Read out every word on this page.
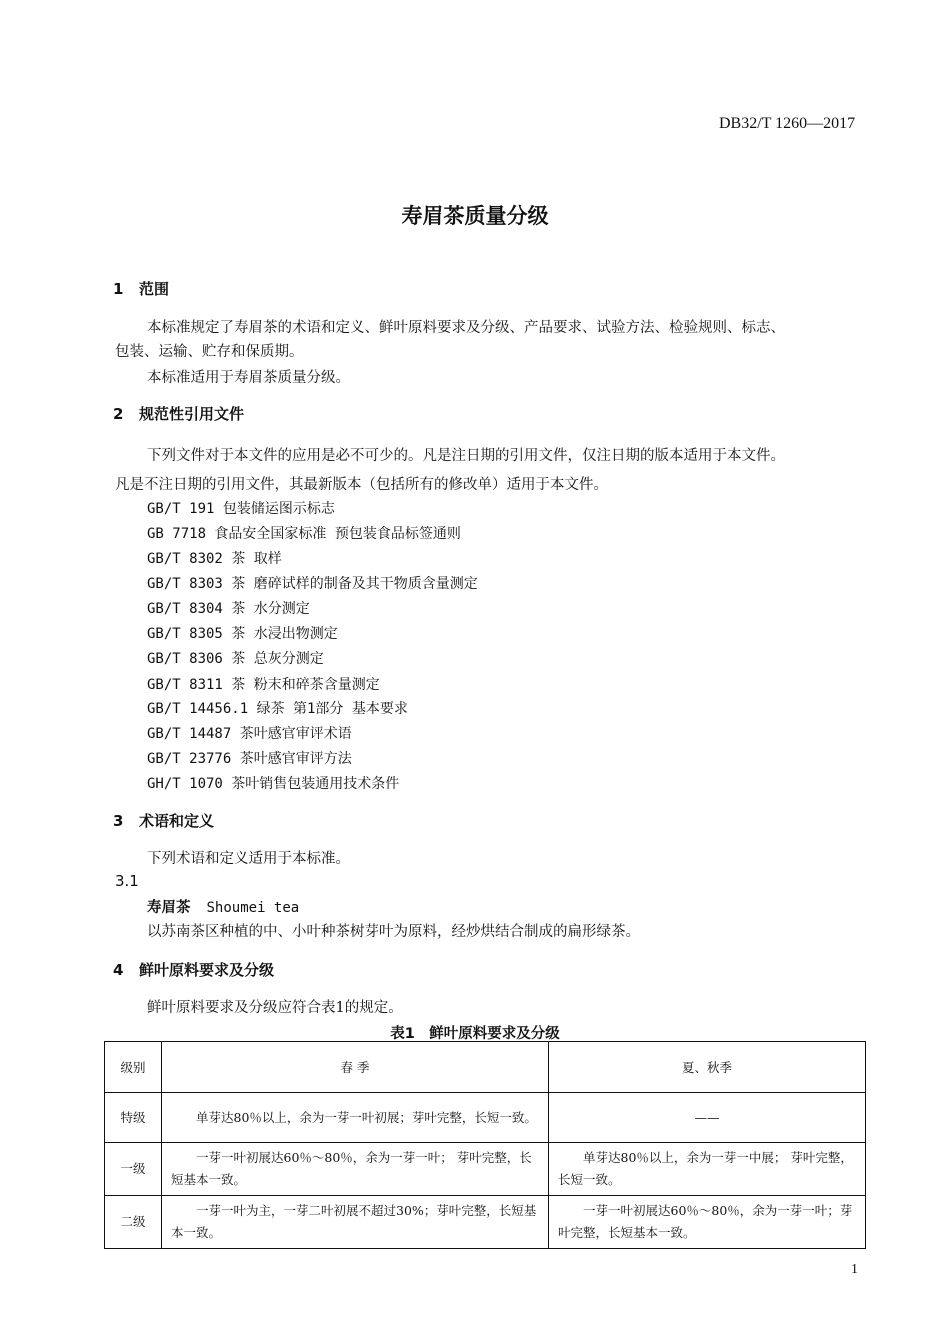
DB32/T 1260—2017
寿眉茶质量分级
1 范围
本标准规定了寿眉茶的术语和定义、鲜叶原料要求及分级、产品要求、试验方法、检验规则、标志、
包装、运输、贮存和保质期。
本标准适用于寿眉茶质量分级。
2 规范性引用文件
下列文件对于本文件的应用是必不可少的。凡是注日期的引用文件，仅注日期的版本适用于本文件。
凡是不注日期的引用文件，其最新版本（包括所有的修改单）适用于本文件。
GB/T 191 包装储运图示标志
GB 7718 食品安全国家标准 预包装食品标签通则
GB/T 8302 茶 取样
GB/T 8303 茶 磨碎试样的制备及其干物质含量测定
GB/T 8304 茶 水分测定
GB/T 8305 茶 水浸出物测定
GB/T 8306 茶 总灰分测定
GB/T 8311 茶 粉末和碎茶含量测定
GB/T 14456.1 绿茶 第1部分 基本要求
GB/T 14487 茶叶感官审评术语
GB/T 23776 茶叶感官审评方法
GH/T 1070 茶叶销售包装通用技术条件
3 术语和定义
下列术语和定义适用于本标准。
3.1
寿眉茶 Shoumei tea
以苏南茶区种植的中、小叶种茶树芽叶为原料，经炒烘结合制成的扁形绿茶。
4 鲜叶原料要求及分级
鲜叶原料要求及分级应符合表1的规定。
表1　鲜叶原料要求及分级
级别	春 季	夏、秋季
特级	单芽达80％以上，余为一芽一叶初展；芽叶完整，长短一致。	——
一级	一芽一叶初展达60％～80％，余为一芽一叶； 芽叶完整，长短基本一致。	单芽达80％以上，余为一芽一中展； 芽叶完整，长短一致。
二级	一芽一叶为主，一芽二叶初展不超过30%；芽叶完整，长短基本一致。	一芽一叶初展达60％～80％，余为一芽一叶；芽叶完整，长短基本一致。
1
